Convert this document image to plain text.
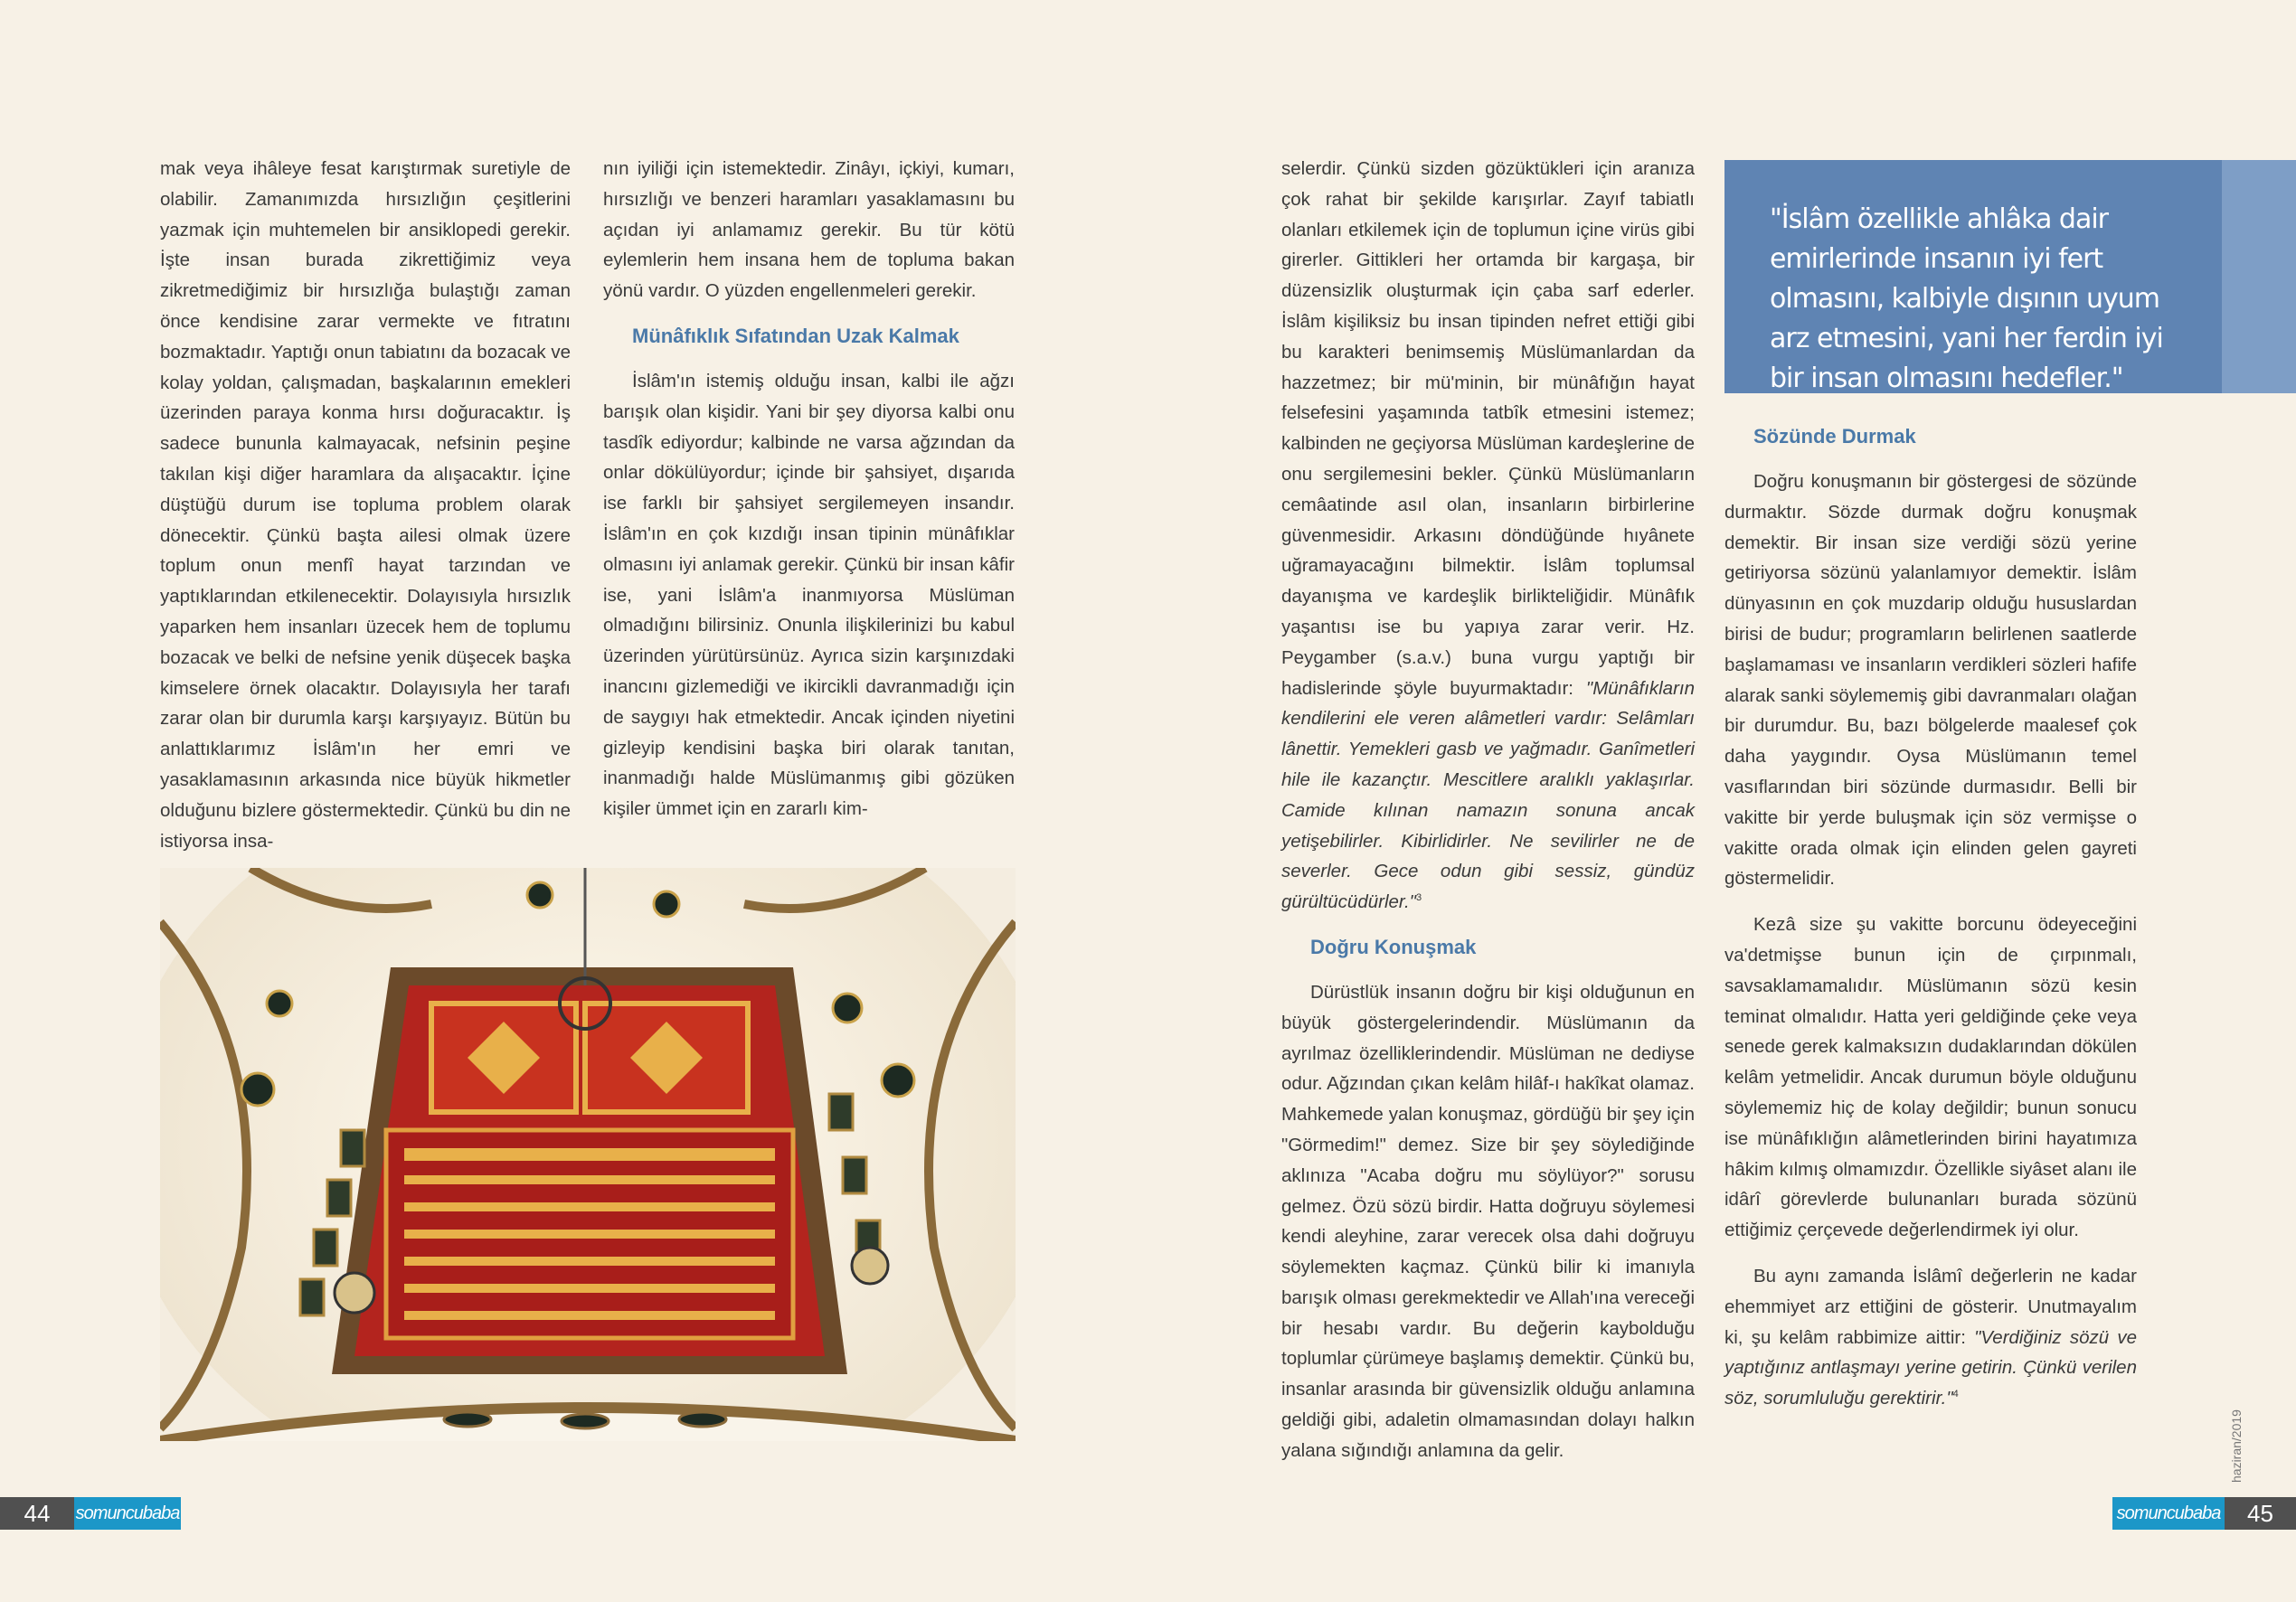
mak veya ihâleye fesat karıştırmak suretiyle de olabilir. Zamanımızda hırsızlığın çeşitlerini yazmak için muhtemelen bir ansiklopedi gerekir. İşte insan burada zikrettiğimiz veya zikretmediğimiz bir hırsızlığa bulaştığı zaman önce kendisine zarar vermekte ve fıtratını bozmaktadır. Yaptığı onun tabiatını da bozacak ve kolay yoldan, çalışmadan, başkalarının emekleri üzerinden paraya konma hırsı doğuracaktır. İş sadece bununla kalmayacak, nefsinin peşine takılan kişi diğer haramlara da alışacaktır. İçine düştüğü durum ise topluma problem olarak dönecektir. Çünkü başta ailesi olmak üzere toplum onun menfî hayat tarzından ve yaptıklarından etkilenecektir. Dolayısıyla hırsızlık yaparken hem insanları üzecek hem de toplumu bozacak ve belki de nefsine yenik düşecek başka kimselere örnek olacaktır. Dolayısıyla her tarafı zarar olan bir durumla karşı karşıyayız. Bütün bu anlattıklarımız İslâm'ın her emri ve yasaklamasının arkasında nice büyük hikmetler olduğunu bizlere göstermektedir. Çünkü bu din ne istiyorsa insa-

nın iyiliği için istemektedir. Zinâyı, içkiyi, kumarı, hırsızlığı ve benzeri haramları yasaklamasını bu açıdan iyi anlamamız gerekir. Bu tür kötü eylemlerin hem insana hem de topluma bakan yönü vardır. O yüzden engellenmeleri gerekir.

Münâfıklık Sıfatından Uzak Kalmak

İslâm'ın istemiş olduğu insan, kalbi ile ağzı barışık olan kişidir. Yani bir şey diyorsa kalbi onu tasdîk ediyordur; kalbinde ne varsa ağzından da onlar dökülüyordur; içinde bir şahsiyet, dışarıda ise farklı bir şahsiyet sergilemeyen insandır. İslâm'ın en çok kızdığı insan tipinin münâfıklar olmasını iyi anlamak gerekir. Çünkü bir insan kâfir ise, yani İslâm'a inanmıyorsa Müslüman olmadığını bilirsiniz. Onunla ilişkilerinizi bu kabul üzerinden yürütürsünüz. Ayrıca sizin karşınızdaki inancını gizlemediği ve ikircikli davranmadığı için de saygıyı hak etmektedir. Ancak içinden niyetini gizleyip kendisini başka biri olarak tanıtan, inanmadığı halde Müslümanmış gibi gözüken kişiler ümmet için en zararlı kim-

selerdir. Çünkü sizden gözüktükleri için aranıza çok rahat bir şekilde karışırlar. Zayıf tabiatlı olanları etkilemek için de toplumun içine virüs gibi girerler. Gittikleri her ortamda bir kargaşa, bir düzensizlik oluşturmak için çaba sarf ederler. İslâm kişiliksiz bu insan tipinden nefret ettiği gibi bu karakteri benimsemiş Müslümanlardan da hazzetmez; bir mü'minin, bir münâfığın hayat felsefesini yaşamında tatbîk etmesini istemez; kalbinden ne geçiyorsa Müslüman kardeşlerine de onu sergilemesini bekler. Çünkü Müslümanların cemâatinde asıl olan, insanların birbirlerine güvenmesidir. Arkasını döndüğünde hıyânete uğramayacağını bilmektir. İslâm toplumsal dayanışma ve kardeşlik birlikteliğidir. Münâfık yaşantısı ise bu yapıya zarar verir. Hz. Peygamber (s.a.v.) buna vurgu yaptığı bir hadislerinde şöyle buyurmaktadır: "Münâfıkların kendilerini ele veren alâmetleri vardır: Selâmları lânettir. Yemekleri gasb ve yağmadır. Ganîmetleri hile ile kazançtır. Mescitlere aralıklı yaklaşırlar. Camide kılınan namazın sonuna ancak yetişebilirler. Kibirlidirler. Ne sevilirler ne de severler. Gece odun gibi sessiz, gündüz gürültücüdürler."$^3$

Doğru Konuşmak

Dürüstlük insanın doğru bir kişi olduğunun en büyük göstergelerindendir. Müslümanın da ayrılmaz özelliklerindendir. Müslüman ne dediyse odur. Ağzından çıkan kelâm hilâf-ı hakîkat olamaz. Mahkemede yalan konuşmaz, gördüğü bir şey için "Görmedim!" demez. Size bir şey söylediğinde aklınıza "Acaba doğru mu söylüyor?" sorusu gelmez. Özü sözü birdir. Hatta doğruyu söylemesi kendi aleyhine, zarar verecek olsa dahi doğruyu söylemekten kaçmaz. Çünkü bilir ki imanıyla barışık olması gerekmektedir ve Allah'ına vereceği bir hesabı vardır. Bu değerin kaybolduğu toplumlar çürümeye başlamış demektir. Çünkü bu, insanlar arasında bir güvensizlik olduğu anlamına geldiği gibi, adaletin olmamasından dolayı halkın yalana sığındığı anlamına da gelir.

"İslâm özellikle ahlâka dair emirlerinde insanın iyi fert olmasını, kalbiyle dışının uyum arz etmesini, yani her ferdin iyi bir insan olmasını hedefler."
Sözünde Durmak

Doğru konuşmanın bir göstergesi de sözünde durmaktır. Sözde durmak doğru konuşmak demektir. Bir insan size verdiği sözü yerine getiriyorsa sözünü yalanlamıyor demektir. İslâm dünyasının en çok muzdarip olduğu hususlardan birisi de budur; programların belirlenen saatlerde başlamaması ve insanların verdikleri sözleri hafife alarak sanki söylememiş gibi davranmaları olağan bir durumdur. Bu, bazı bölgelerde maalesef çok daha yaygındır. Oysa Müslümanın temel vasıflarından biri sözünde durmasıdır. Belli bir vakitte bir yerde buluşmak için söz vermişse o vakitte orada olmak için elinden gelen gayreti göstermelidir.

Kezâ size şu vakitte borcunu ödeyeceğini va'detmişse bunun için de çırpınmalı, savsaklamamalıdır. Müslümanın sözü kesin teminat olmalıdır. Hatta yeri geldiğinde çeke veya senede gerek kalmaksızın dudaklarından dökülen kelâm yetmelidir. Ancak durumun böyle olduğunu söylememiz hiç de kolay değildir; bunun sonucu ise münâfıklığın alâmetlerinden birini hayatımıza hâkim kılmış olmamızdır. Özellikle siyâset alanı ile idârî görevlerde bulunanları burada sözünü ettiğimiz çerçevede değerlendirmek iyi olur.

Bu aynı zamanda İslâmî değerlerin ne kadar ehemmiyet arz ettiğini de gösterir. Unutmayalım ki, şu kelâm rabbimize aittir: "Verdiğiniz sözü ve yaptığınız antlaşmayı yerine getirin. Çünkü verilen söz, sorumluluğu gerektirir."$^4$

44	somuncubaba	somuncubaba	45
haziran/2019
